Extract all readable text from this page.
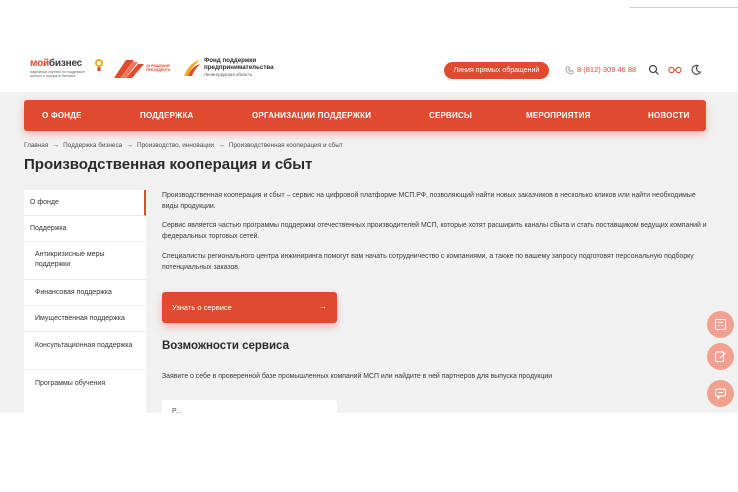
мойбизнес
надёжный спутник по поддержке малого и среднего бизнеса
10 РЕШЕНИЙ ПРЕЗИДЕНТА
Фонд поддержки
предпринимательства
Ленинградская область
Линия прямых обращений	8 (812) 309 46 88
О ФОНДЕ	ПОДДЕРЖКА	ОРГАНИЗАЦИИ ПОДДЕРЖКИ	СЕРВИСЫ	МЕРОПРИЯТИЯ	НОВОСТИ
Главная → Поддержка бизнеса → Производство, инновации → Производственная кооперация и сбыт
Производственная кооперация и сбыт
О фонде
Поддержка
Антикризисные меры поддержки
Финансовая поддержка
Имущественная поддержка
Консультационная поддержка
Программы обучения

Производственная кооперация и сбыт – сервис на цифровой платформе МСП.РФ, позволяющий найти новых заказчиков в несколько кликов или найти необходимые виды продукции.

Сервис является частью программы поддержки отечественных производителей МСП, которые хотят расширить каналы сбыта и стать поставщиком ведущих компаний и федеральных торговых сетей.

Специалисты регионального центра инжиниринга помогут вам начать сотрудничество с компаниями, а также по вашему запросу подготовят персональную подборку потенциальных заказов.

Узнать о сервисе	→
Возможности сервиса

Заявите о себе в проверенной базе промышленных компаний МСП или найдите в ней партнеров для выпуска продукции

Р...
